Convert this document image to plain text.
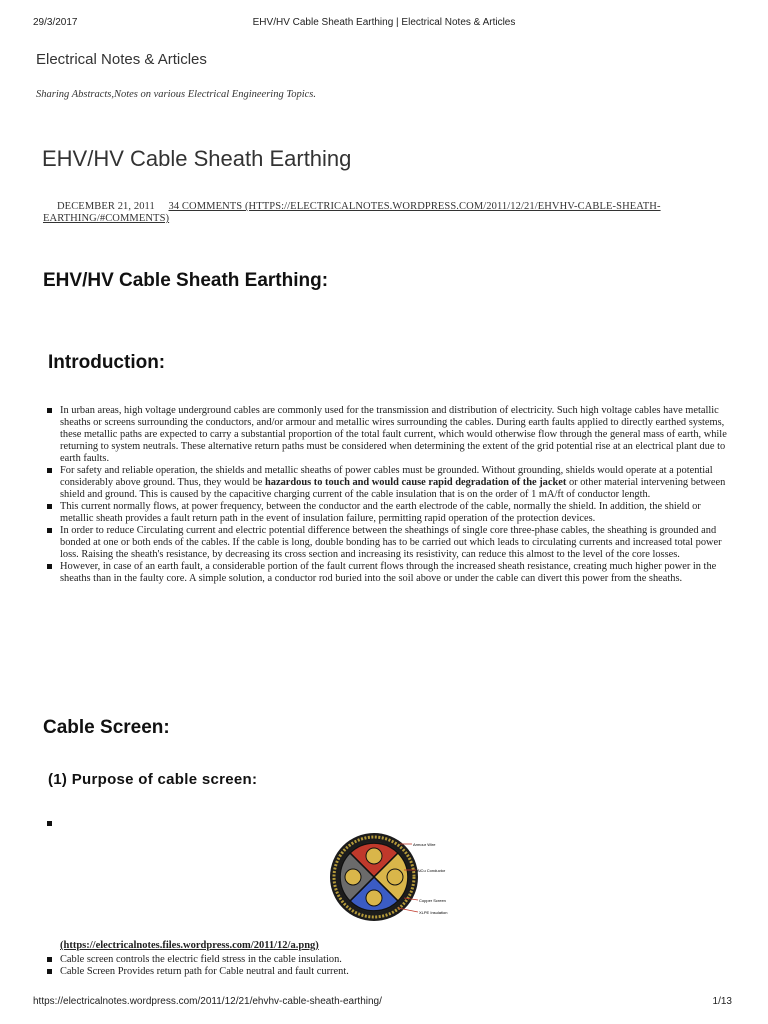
29/3/2017	EHV/HV Cable Sheath Earthing | Electrical Notes & Articles
Electrical Notes & Articles
Sharing Abstracts,Notes on various Electrical Engineering Topics.
EHV/HV Cable Sheath Earthing
DECEMBER 21, 2011 34 COMMENTS (HTTPS://ELECTRICALNOTES.WORDPRESS.COM/2011/12/21/EHVHV-CABLE-SHEATH-EARTHING/#COMMENTS)
EHV/HV Cable Sheath Earthing:
Introduction:
In urban areas, high voltage underground cables are commonly used for the transmission and distribution of electricity. Such high voltage cables have metallic sheaths or screens surrounding the conductors, and/or armour and metallic wires surrounding the cables. During earth faults applied to directly earthed systems, these metallic paths are expected to carry a substantial proportion of the total fault current, which would otherwise flow through the general mass of earth, while returning to system neutrals. These alternative return paths must be considered when determining the extent of the grid potential rise at an electrical plant due to earth faults.
For safety and reliable operation, the shields and metallic sheaths of power cables must be grounded. Without grounding, shields would operate at a potential considerably above ground. Thus, they would be hazardous to touch and would cause rapid degradation of the jacket or other material intervening between shield and ground. This is caused by the capacitive charging current of the cable insulation that is on the order of 1 mA/ft of conductor length.
This current normally flows, at power frequency, between the conductor and the earth electrode of the cable, normally the shield. In addition, the shield or metallic sheath provides a fault return path in the event of insulation failure, permitting rapid operation of the protection devices.
In order to reduce Circulating current and electric potential difference between the sheathings of single core three-phase cables, the sheathing is grounded and bonded at one or both ends of the cables. If the cable is long, double bonding has to be carried out which leads to circulating currents and increased total power loss. Raising the sheath's resistance, by decreasing its cross section and increasing its resistivity, can reduce this almost to the level of the core losses.
However, in case of an earth fault, a considerable portion of the fault current flows through the increased sheath resistance, creating much higher power in the sheaths than in the faulty core. A simple solution, a conductor rod buried into the soil above or under the cable can divert this power from the sheaths.
Cable Screen:
(1) Purpose of cable screen:
Armour Wire
AlCu Conductor
Copper Screen
XLPE Insulation
(https://electricalnotes.files.wordpress.com/2011/12/a.png)
Cable screen controls the electric field stress in the cable insulation.
Cable Screen Provides return path for Cable neutral and fault current.
https://electricalnotes.wordpress.com/2011/12/21/ehvhv-cable-sheath-earthing/	1/13
